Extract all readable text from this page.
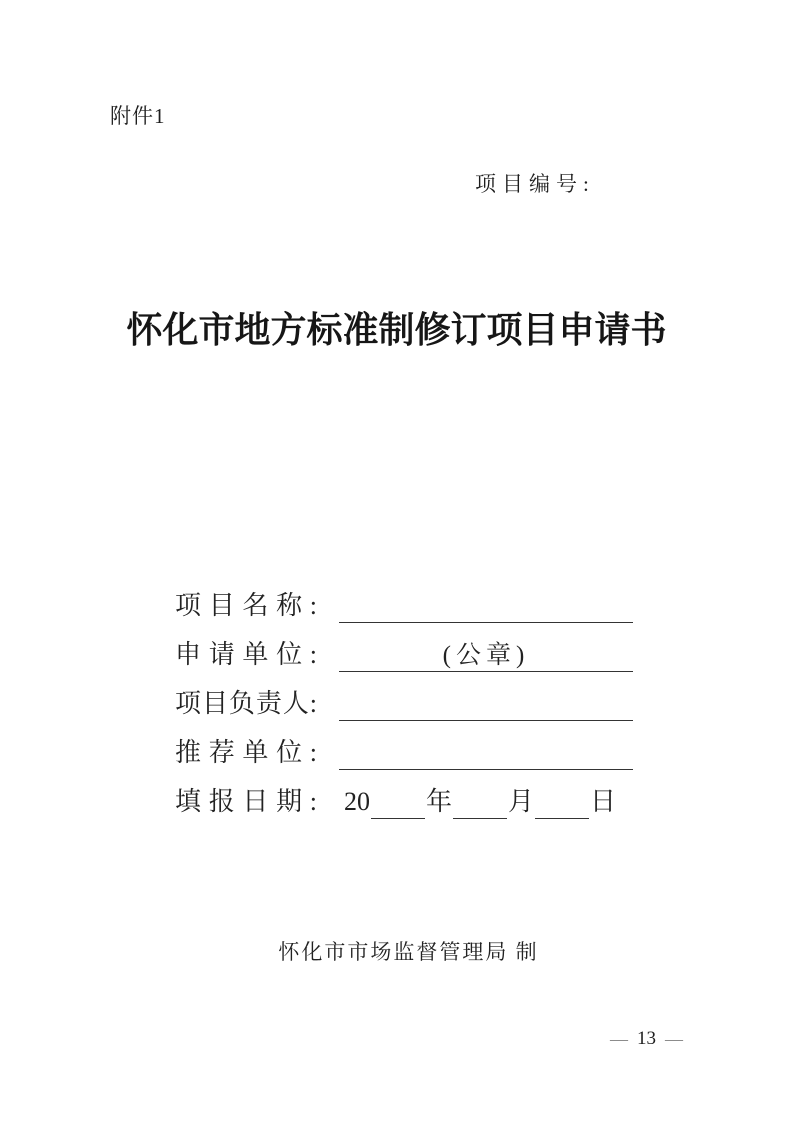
附件1
项目编号:
怀化市地方标准制修订项目申请书
项目名称:
申请单位:	(公章)
项目负责人:
推荐单位:
填报日期: 20 年 月 日
怀化市市场监督管理局 制
— 13 —
